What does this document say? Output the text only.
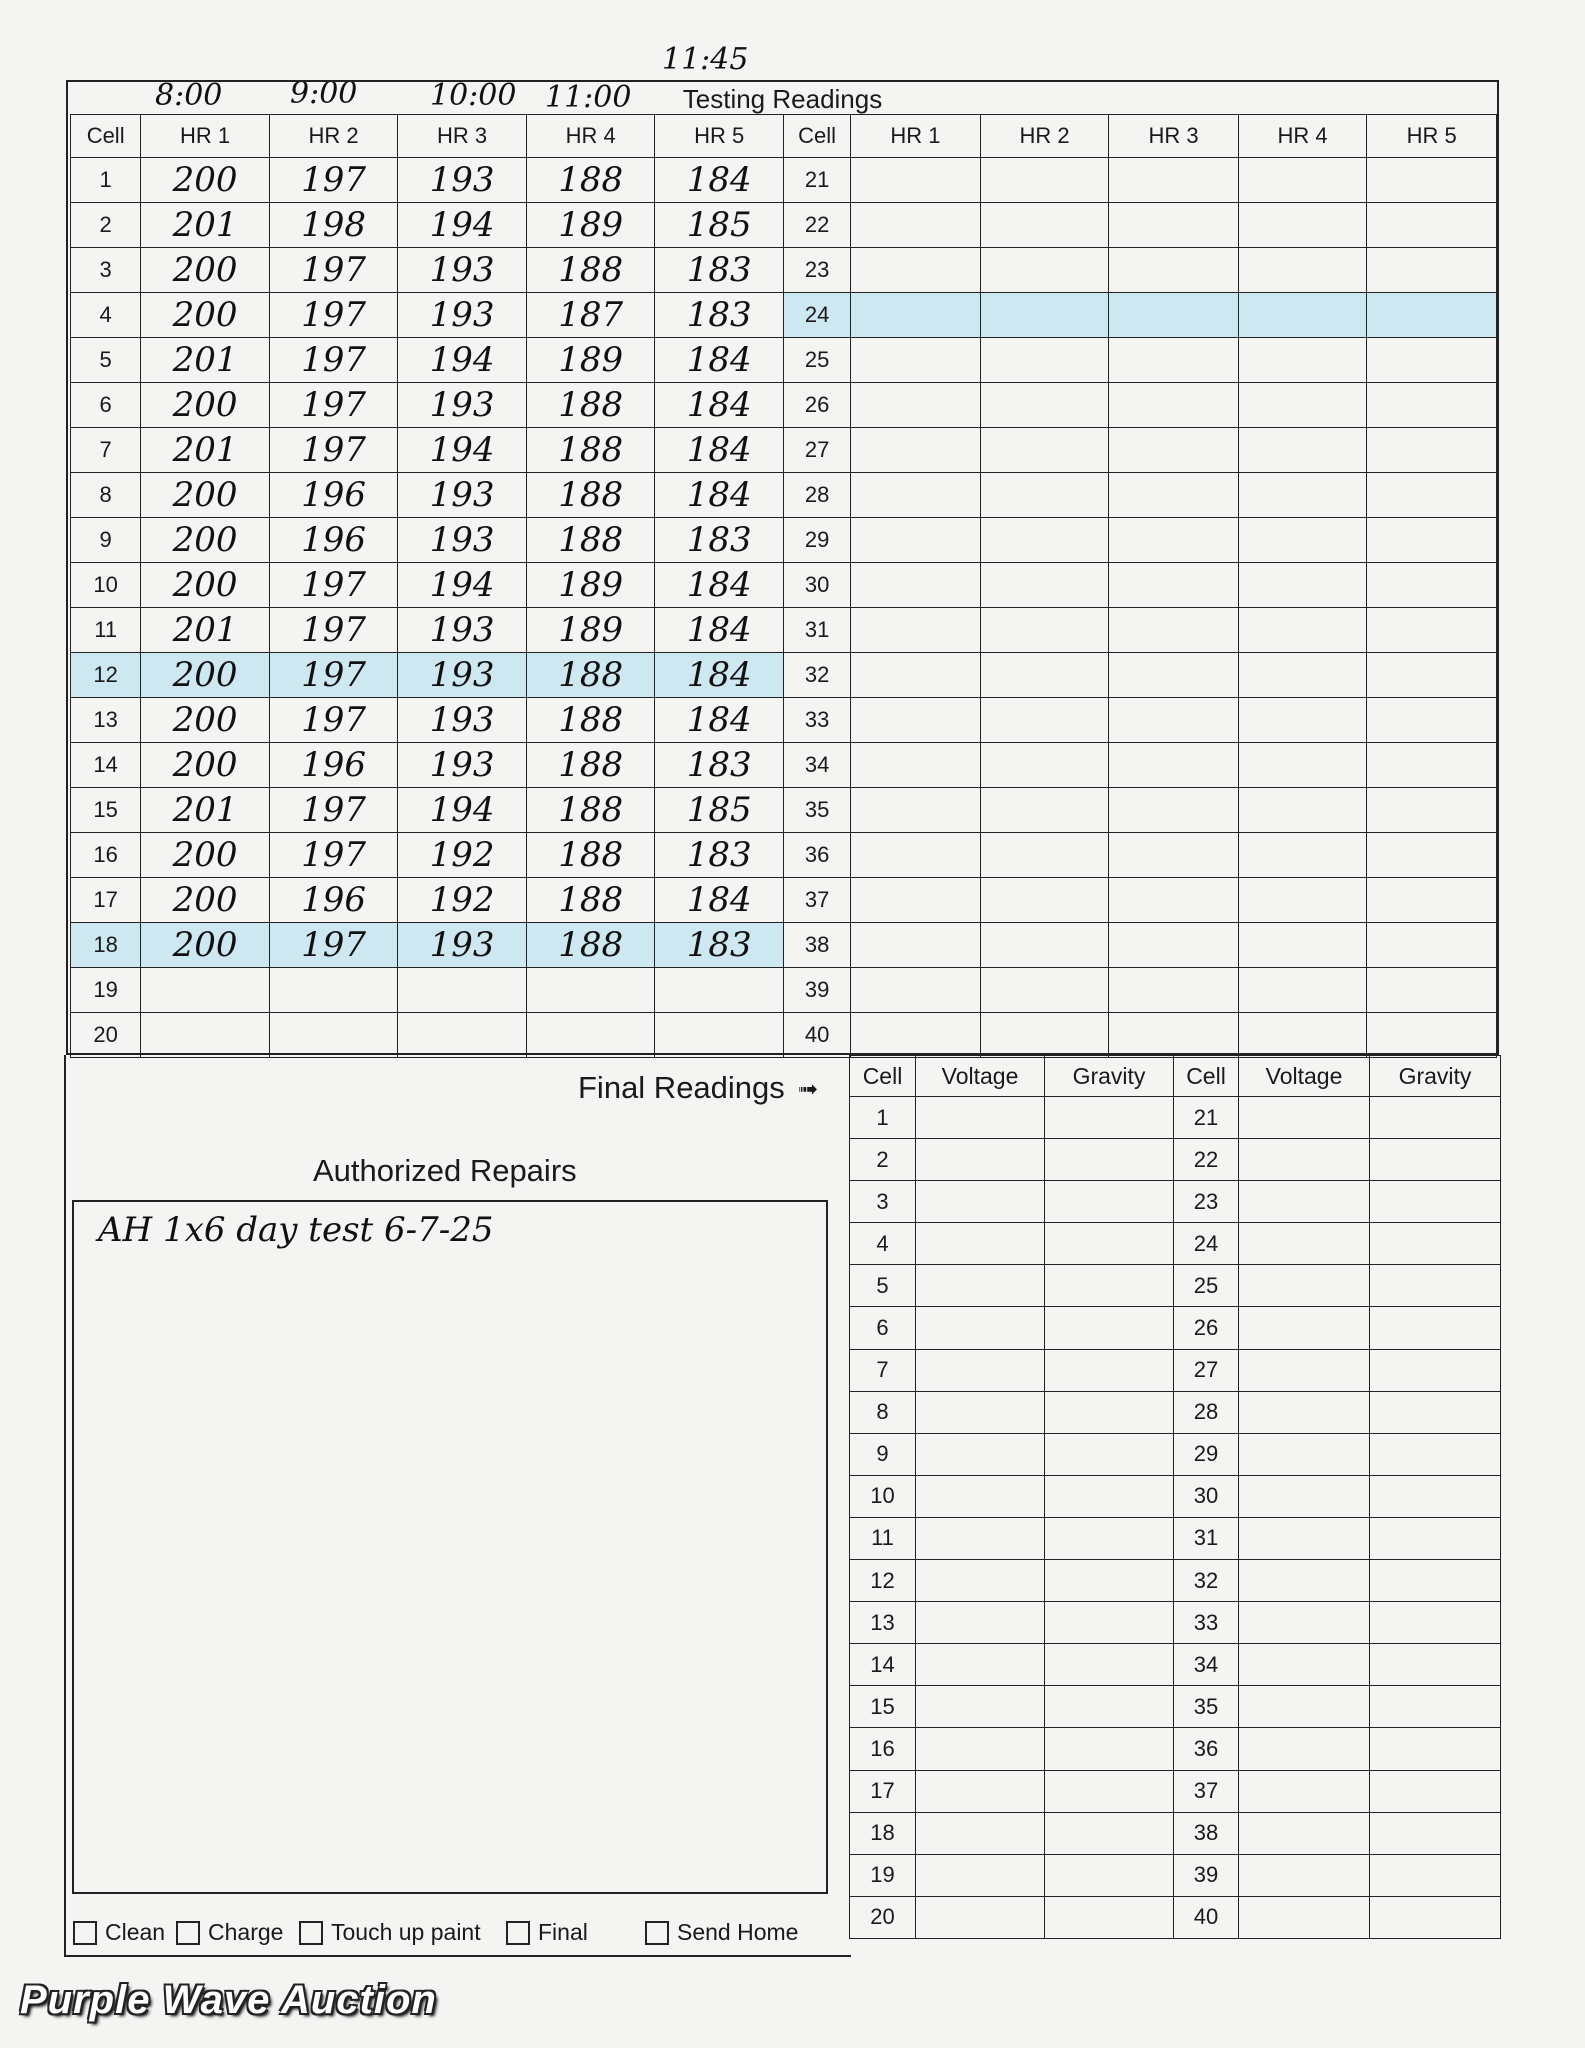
8:00 9:00 10:00 11:00
11:45
Testing Readings
Cell	HR 1	HR 2	HR 3	HR 4	HR 5	Cell	HR 1	HR 2	HR 3	HR 4	HR 5
1	200	197	193	188	184	21					
2	201	198	194	189	185	22					
3	200	197	193	188	183	23					
4	200	197	193	187	183	24					
5	201	197	194	189	184	25					
6	200	197	193	188	184	26					
7	201	197	194	188	184	27					
8	200	196	193	188	184	28					
9	200	196	193	188	183	29					
10	200	197	194	189	184	30					
11	201	197	193	189	184	31					
12	200	197	193	188	184	32					
13	200	197	193	188	184	33					
14	200	196	193	188	183	34					
15	201	197	194	188	185	35					
16	200	197	192	188	183	36					
17	200	196	192	188	184	37					
18	200	197	193	188	183	38					
19						39					
20						40					
Final Readings ➟
Cell	Voltage	Gravity	Cell	Voltage	Gravity
1			21		
2			22		
3			23		
4			24		
5			25		
6			26		
7			27		
8			28		
9			29		
10			30		
11			31		
12			32		
13			33		
14			34		
15			35		
16			36		
17			37		
18			38		
19			39		
20			40		
Authorized Repairs
AH 1x6 day test 6-7-25
Clean Charge Touch up paint Final	Send Home
Purple Wave Auction
